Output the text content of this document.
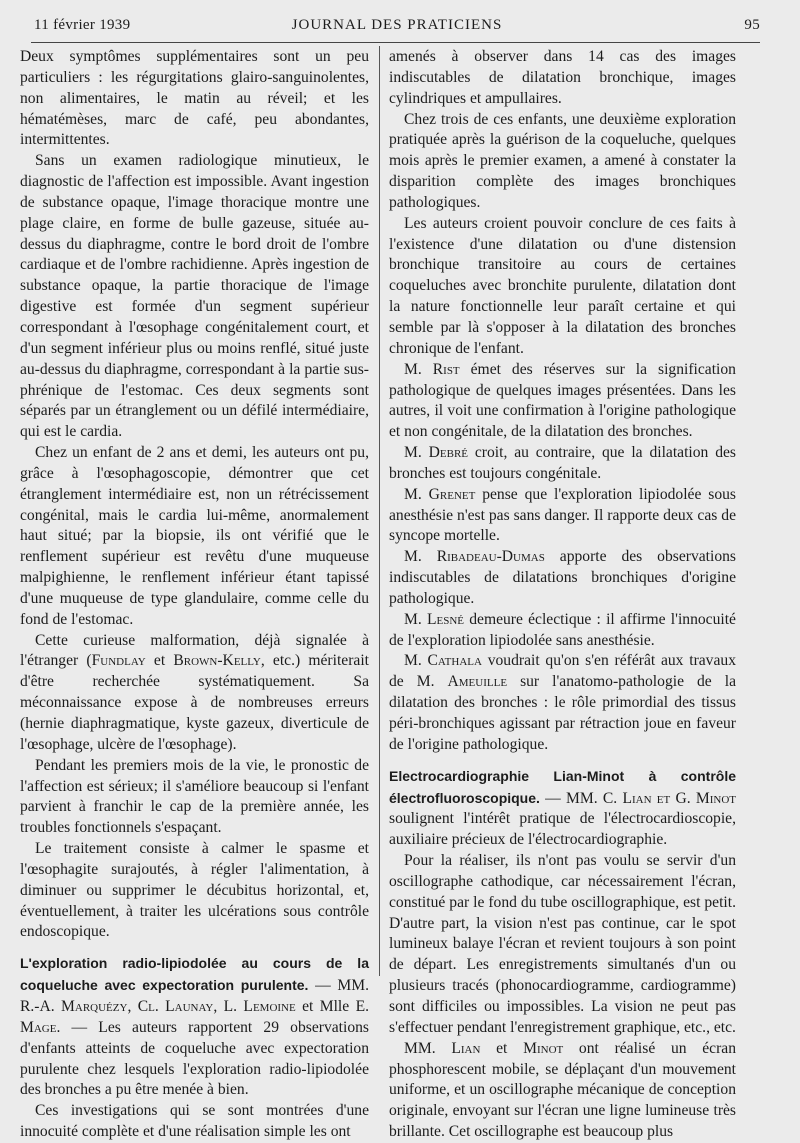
11 février 1939	JOURNAL DES PRATICIENS	95

Deux symptômes supplémentaires sont un peu particuliers : les régurgitations glairo-sanguinolentes, non alimentaires, le matin au réveil; et les hématémèses, marc de café, peu abondantes, intermittentes.

Sans un examen radiologique minutieux, le diagnostic de l'affection est impossible. Avant ingestion de substance opaque, l'image thoracique montre une plage claire, en forme de bulle gazeuse, située au-dessus du diaphragme, contre le bord droit de l'ombre cardiaque et de l'ombre rachidienne. Après ingestion de substance opaque, la partie thoracique de l'image digestive est formée d'un segment supérieur correspondant à l'œsophage congénitalement court, et d'un segment inférieur plus ou moins renflé, situé juste au-dessus du diaphragme, correspondant à la partie sus-phrénique de l'estomac. Ces deux segments sont séparés par un étranglement ou un défilé intermédiaire, qui est le cardia.

Chez un enfant de 2 ans et demi, les auteurs ont pu, grâce à l'œsophagoscopie, démontrer que cet étranglement intermédiaire est, non un rétrécissement congénital, mais le cardia lui-même, anormalement haut situé; par la biopsie, ils ont vérifié que le renflement supérieur est revêtu d'une muqueuse malpighienne, le renflement inférieur étant tapissé d'une muqueuse de type glandulaire, comme celle du fond de l'estomac.

Cette curieuse malformation, déjà signalée à l'étranger (Fundlay et Brown-Kelly, etc.) mériterait d'être recherchée systématiquement. Sa méconnaissance expose à de nombreuses erreurs (hernie diaphragmatique, kyste gazeux, diverticule de l'œsophage, ulcère de l'œsophage).

Pendant les premiers mois de la vie, le pronostic de l'affection est sérieux; il s'améliore beaucoup si l'enfant parvient à franchir le cap de la première année, les troubles fonctionnels s'espaçant.

Le traitement consiste à calmer le spasme et l'œsophagite surajoutés, à régler l'alimentation, à diminuer ou supprimer le décubitus horizontal, et, éventuellement, à traiter les ulcérations sous contrôle endoscopique.

L'exploration radio-lipiodolée au cours de la coqueluche avec expectoration purulente. — MM. R.-A. Marquézy, Cl. Launay, L. Lemoine et Mlle E. Mage. — Les auteurs rapportent 29 observations d'enfants atteints de coqueluche avec expectoration purulente chez lesquels l'exploration radio-lipiodolée des bronches a pu être menée à bien.

Ces investigations qui se sont montrées d'une innocuité complète et d'une réalisation simple les ont

amenés à observer dans 14 cas des images indiscutables de dilatation bronchique, images cylindriques et ampullaires.

Chez trois de ces enfants, une deuxième exploration pratiquée après la guérison de la coqueluche, quelques mois après le premier examen, a amené à constater la disparition complète des images bronchiques pathologiques.

Les auteurs croient pouvoir conclure de ces faits à l'existence d'une dilatation ou d'une distension bronchique transitoire au cours de certaines coqueluches avec bronchite purulente, dilatation dont la nature fonctionnelle leur paraît certaine et qui semble par là s'opposer à la dilatation des bronches chronique de l'enfant.

M. Rist émet des réserves sur la signification pathologique de quelques images présentées. Dans les autres, il voit une confirmation à l'origine pathologique et non congénitale, de la dilatation des bronches.

M. Debré croit, au contraire, que la dilatation des bronches est toujours congénitale.

M. Grenet pense que l'exploration lipiodolée sous anesthésie n'est pas sans danger. Il rapporte deux cas de syncope mortelle.

M. Ribadeau-Dumas apporte des observations indiscutables de dilatations bronchiques d'origine pathologique.

M. Lesné demeure éclectique : il affirme l'innocuité de l'exploration lipiodolée sans anesthésie.

M. Cathala voudrait qu'on s'en référât aux travaux de M. Ameuille sur l'anatomo-pathologie de la dilatation des bronches : le rôle primordial des tissus péri-bronchiques agissant par rétraction joue en faveur de l'origine pathologique.

Electrocardiographie Lian-Minot à contrôle électrofluoroscopique. — MM. C. Lian et G. Minot soulignent l'intérêt pratique de l'électrocardioscopie, auxiliaire précieux de l'électrocardiographie.

Pour la réaliser, ils n'ont pas voulu se servir d'un oscillographe cathodique, car nécessairement l'écran, constitué par le fond du tube oscillographique, est petit. D'autre part, la vision n'est pas continue, car le spot lumineux balaye l'écran et revient toujours à son point de départ. Les enregistrements simultanés d'un ou plusieurs tracés (phonocardiogramme, cardiogramme) sont difficiles ou impossibles. La vision ne peut pas s'effectuer pendant l'enregistrement graphique, etc., etc.

MM. Lian et Minot ont réalisé un écran phosphorescent mobile, se déplaçant d'un mouvement uniforme, et un oscillographe mécanique de conception originale, envoyant sur l'écran une ligne lumineuse très brillante. Cet oscillographe est beaucoup plus
